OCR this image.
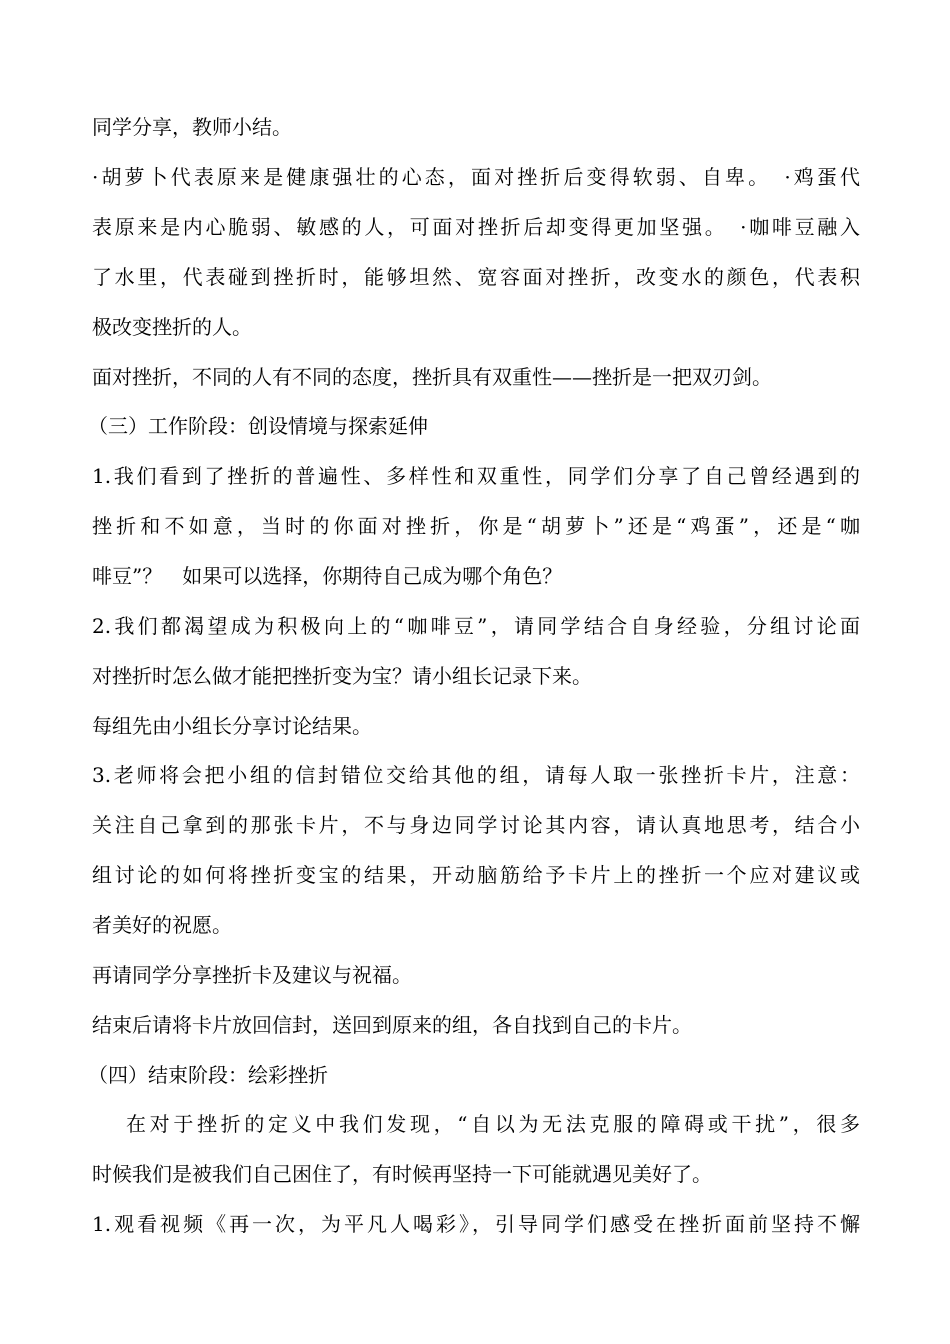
同学分享，教师小结。
·胡萝卜代表原来是健康强壮的心态，面对挫折后变得软弱、自卑。　·鸡蛋代
表原来是内心脆弱、敏感的人，可面对挫折后却变得更加坚强。　·咖啡豆融入
了水里，代表碰到挫折时，能够坦然、宽容面对挫折，改变水的颜色，代表积
极改变挫折的人。
面对挫折，不同的人有不同的态度，挫折具有双重性——挫折是一把双刃剑。
（三）工作阶段：创设情境与探索延伸
1.我们看到了挫折的普遍性、多样性和双重性，同学们分享了自己曾经遇到的
挫折和不如意，当时的你面对挫折，你是“胡萝卜”还是“鸡蛋”，还是“咖
啡豆”？　如果可以选择，你期待自己成为哪个角色？
2.我们都渴望成为积极向上的“咖啡豆”，请同学结合自身经验，分组讨论面
对挫折时怎么做才能把挫折变为宝？请小组长记录下来。
每组先由小组长分享讨论结果。
3.老师将会把小组的信封错位交给其他的组，请每人取一张挫折卡片，注意：
关注自己拿到的那张卡片，不与身边同学讨论其内容，请认真地思考，结合小
组讨论的如何将挫折变宝的结果，开动脑筋给予卡片上的挫折一个应对建议或
者美好的祝愿。
再请同学分享挫折卡及建议与祝福。
结束后请将卡片放回信封，送回到原来的组，各自找到自己的卡片。
（四）结束阶段：绘彩挫折
在对于挫折的定义中我们发现，“自以为无法克服的障碍或干扰”，很多
时候我们是被我们自己困住了，有时候再坚持一下可能就遇见美好了。
1.观看视频《再一次，为平凡人喝彩》，引导同学们感受在挫折面前坚持不懈
